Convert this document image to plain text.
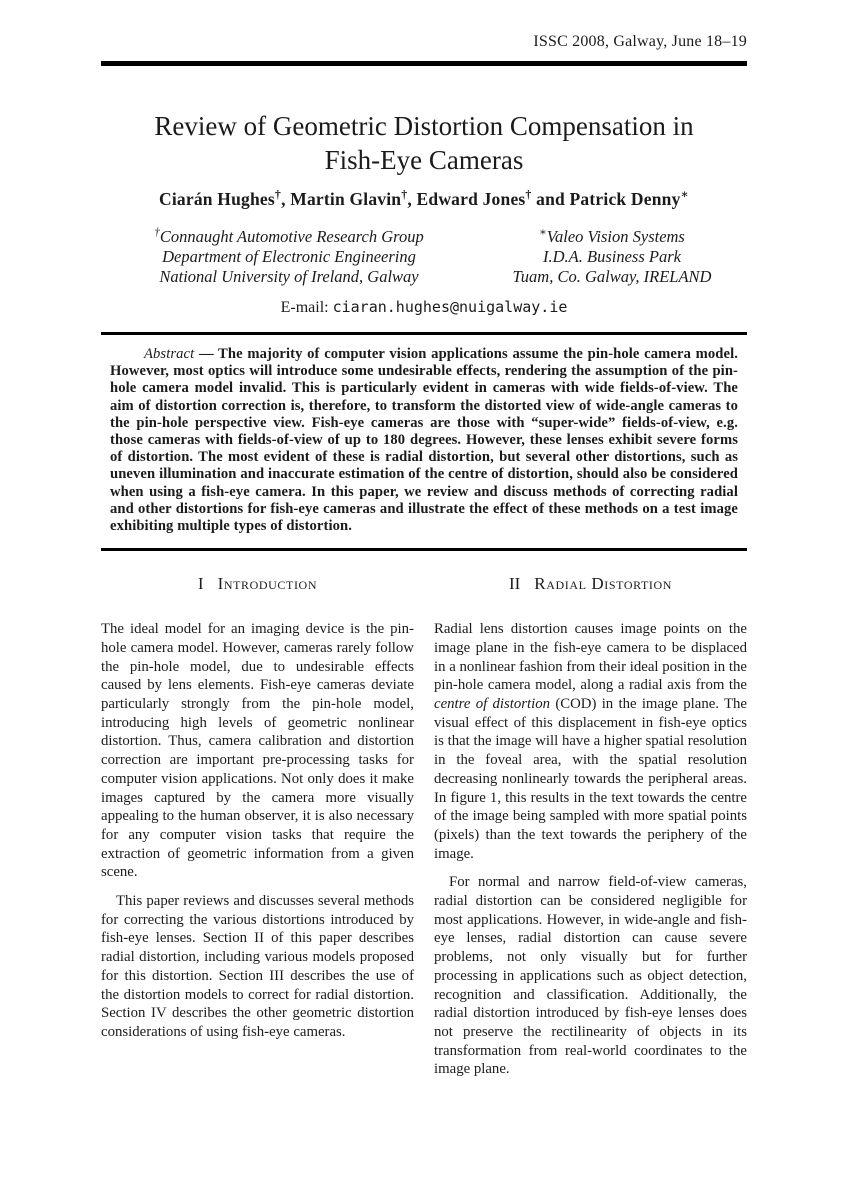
ISSC 2008, Galway, June 18–19
Review of Geometric Distortion Compensation in
Fish-Eye Cameras
Ciarán Hughes†, Martin Glavin†, Edward Jones† and Patrick Denny∗
†Connaught Automotive Research Group
Department of Electronic Engineering
National University of Ireland, Galway
∗Valeo Vision Systems
I.D.A. Business Park
Tuam, Co. Galway, IRELAND
E-mail: ciaran.hughes@nuigalway.ie
Abstract — The majority of computer vision applications assume the pin-hole camera model. However, most optics will introduce some undesirable effects, rendering the assumption of the pin-hole camera model invalid. This is particularly evident in cameras with wide fields-of-view. The aim of distortion correction is, therefore, to transform the distorted view of wide-angle cameras to the pin-hole perspective view. Fish-eye cameras are those with “super-wide” fields-of-view, e.g. those cameras with fields-of-view of up to 180 degrees. However, these lenses exhibit severe forms of distortion. The most evident of these is radial distortion, but several other distortions, such as uneven illumination and inaccurate estimation of the centre of distortion, should also be considered when using a fish-eye camera. In this paper, we review and discuss methods of correcting radial and other distortions for fish-eye cameras and illustrate the effect of these methods on a test image exhibiting multiple types of distortion.
I Introduction

The ideal model for an imaging device is the pin-hole camera model. However, cameras rarely follow the pin-hole model, due to undesirable effects caused by lens elements. Fish-eye cameras deviate particularly strongly from the pin-hole model, introducing high levels of geometric nonlinear distortion. Thus, camera calibration and distortion correction are important pre-processing tasks for computer vision applications. Not only does it make images captured by the camera more visually appealing to the human observer, it is also necessary for any computer vision tasks that require the extraction of geometric information from a given scene.

This paper reviews and discusses several methods for correcting the various distortions introduced by fish-eye lenses. Section II of this paper describes radial distortion, including various models proposed for this distortion. Section III describes the use of the distortion models to correct for radial distortion. Section IV describes the other geometric distortion considerations of using fish-eye cameras.

II Radial Distortion

Radial lens distortion causes image points on the image plane in the fish-eye camera to be displaced in a nonlinear fashion from their ideal position in the pin-hole camera model, along a radial axis from the centre of distortion (COD) in the image plane. The visual effect of this displacement in fish-eye optics is that the image will have a higher spatial resolution in the foveal area, with the spatial resolution decreasing nonlinearly towards the peripheral areas. In figure 1, this results in the text towards the centre of the image being sampled with more spatial points (pixels) than the text towards the periphery of the image.

For normal and narrow field-of-view cameras, radial distortion can be considered negligible for most applications. However, in wide-angle and fish-eye lenses, radial distortion can cause severe problems, not only visually but for further processing in applications such as object detection, recognition and classification. Additionally, the radial distortion introduced by fish-eye lenses does not preserve the rectilinearity of objects in its transformation from real-world coordinates to the image plane.
